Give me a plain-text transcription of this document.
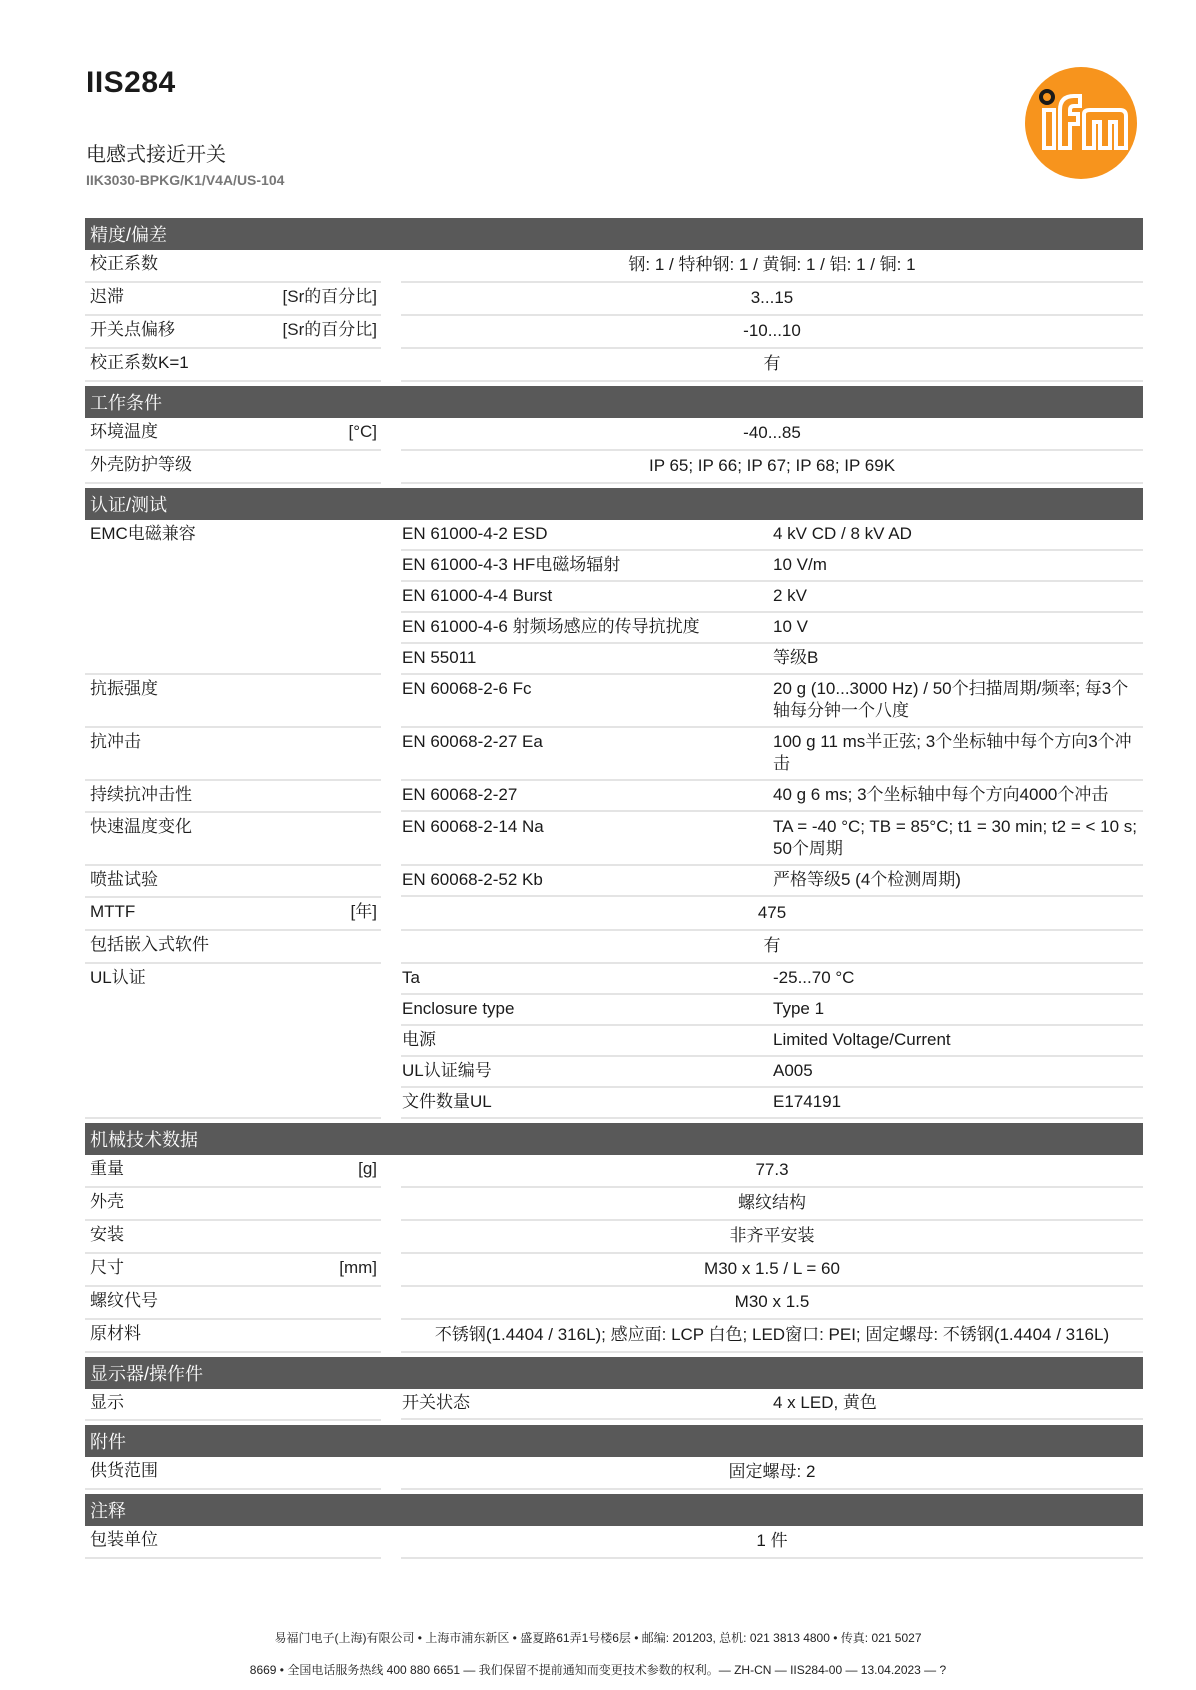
IIS284
电感式接近开关
IIK3030-BPKG/K1/V4A/US-104
精度/偏差
校正系数	钢: 1 / 特种钢: 1 / 黄铜: 1 / 铝: 1 / 铜: 1
迟滞	[Sr的百分比]	3...15
开关点偏移	[Sr的百分比]	-10...10
校正系数K=1	有
工作条件
环境温度	[°C]	-40...85
外壳防护等级	IP 65; IP 66; IP 67; IP 68; IP 69K
认证/测试
EMC电磁兼容	EN 61000-4-2 ESD	4 kV CD / 8 kV AD
EN 61000-4-3 HF电磁场辐射	10 V/m
EN 61000-4-4 Burst	2 kV
EN 61000-4-6 射频场感应的传导抗扰度	10 V
EN 55011	等级B
抗振强度	EN 60068-2-6 Fc	20 g (10...3000 Hz) / 50个扫描周期/频率; 每3个轴每分钟一个八度
抗冲击	EN 60068-2-27 Ea	100 g 11 ms半正弦; 3个坐标轴中每个方向3个冲击
持续抗冲击性	EN 60068-2-27	40 g 6 ms; 3个坐标轴中每个方向4000个冲击
快速温度变化	EN 60068-2-14 Na	TA = -40 °C; TB = 85°C; t1 = 30 min; t2 = < 10 s; 50个周期
喷盐试验	EN 60068-2-52 Kb	严格等级5 (4个检测周期)
MTTF	[年]	475
包括嵌入式软件	有
UL认证	Ta	-25...70 °C
Enclosure type	Type 1
电源	Limited Voltage/Current
UL认证编号	A005
文件数量UL	E174191
机械技术数据
重量	[g]	77.3
外壳	螺纹结构
安装	非齐平安装
尺寸	[mm]	M30 x 1.5 / L = 60
螺纹代号	M30 x 1.5
原材料	不锈钢(1.4404 / 316L); 感应面: LCP 白色; LED窗口: PEI; 固定螺母: 不锈钢(1.4404 / 316L)
显示器/操作件
显示	开关状态	4 x LED, 黄色
附件
供货范围	固定螺母: 2
注释
包装单位	1 件
易福门电子(上海)有限公司 • 上海市浦东新区 • 盛夏路61弄1号楼6层 • 邮编: 201203, 总机: 021 3813 4800 • 传真: 021 5027
8669 • 全国电话服务热线 400 880 6651 — 我们保留不提前通知而变更技术参数的权利。— ZH-CN — IIS284-00 — 13.04.2023 — ?
